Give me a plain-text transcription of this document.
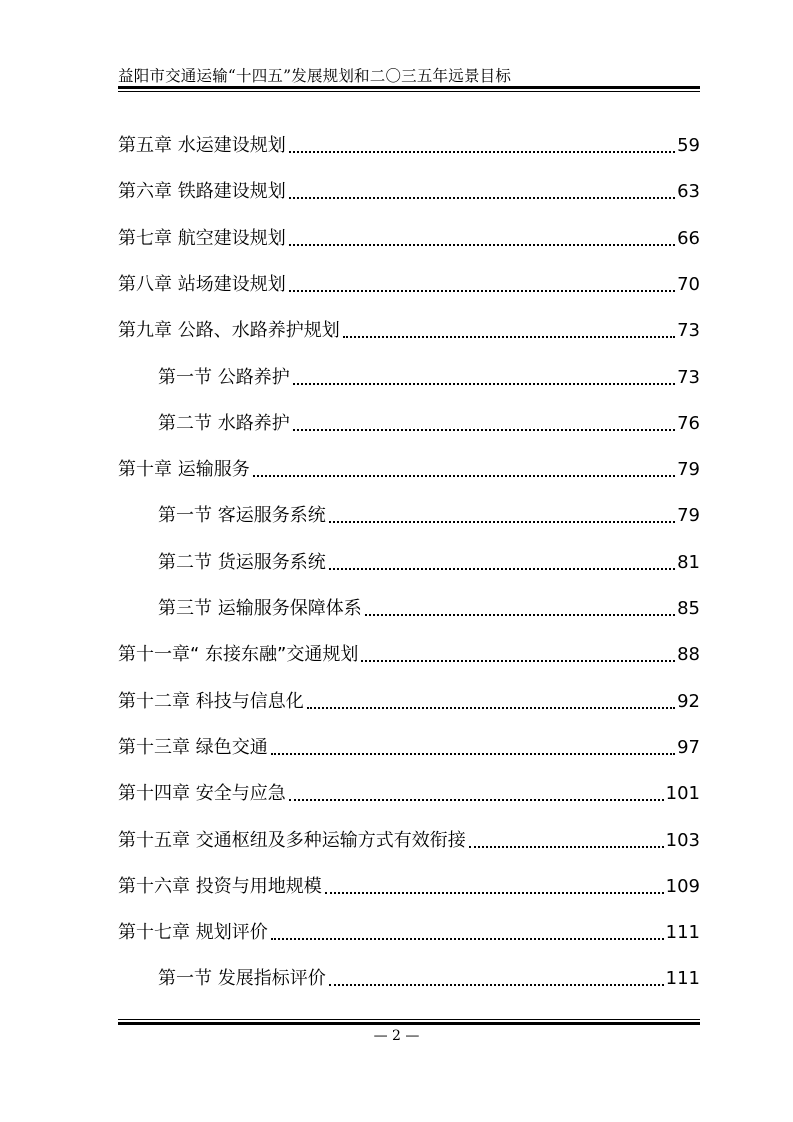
益阳市交通运输“十四五”发展规划和二〇三五年远景目标
第五章 水运建设规划	59
第六章 铁路建设规划	63
第七章 航空建设规划	66
第八章 站场建设规划	70
第九章 公路、水路养护规划	73
第一节 公路养护	73
第二节 水路养护	76
第十章 运输服务	79
第一节 客运服务系统	79
第二节 货运服务系统	81
第三节 运输服务保障体系	85
第十一章“ 东接东融”交通规划	88
第十二章 科技与信息化	92
第十三章 绿色交通	97
第十四章 安全与应急	101
第十五章 交通枢纽及多种运输方式有效衔接	103
第十六章 投资与用地规模	109
第十七章 规划评价	111
第一节 发展指标评价	111
— 2 —
